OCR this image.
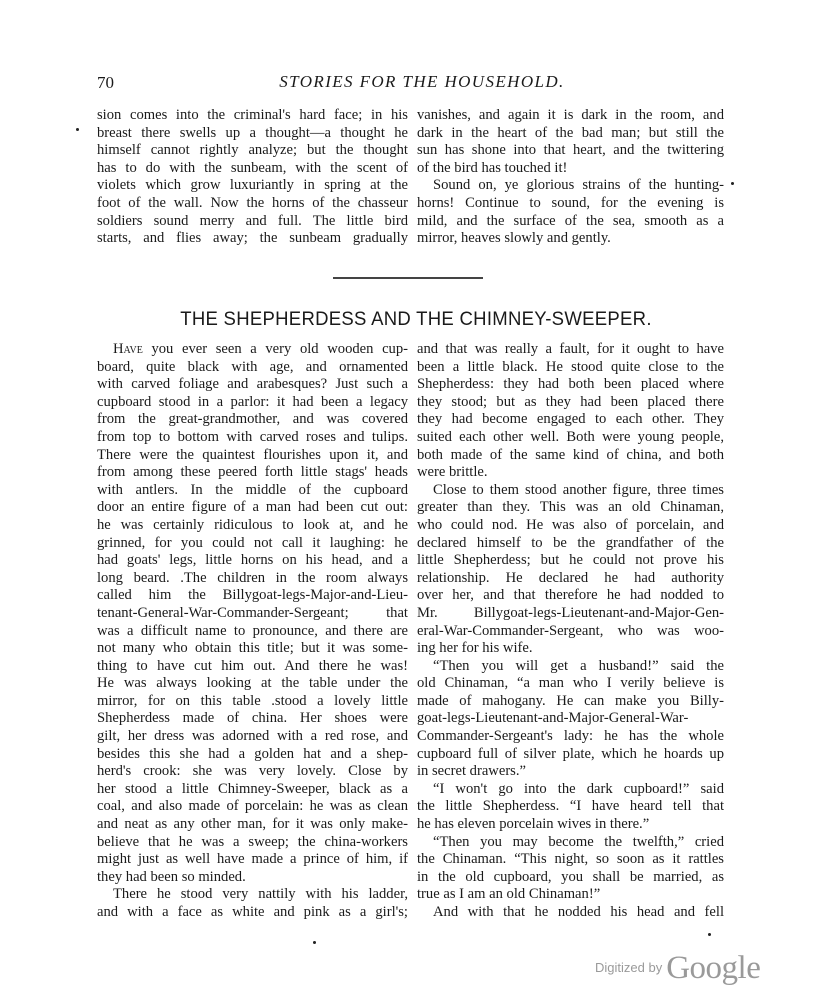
70	STORIES FOR THE HOUSEHOLD.
sion comes into the criminal's hard face; in his
breast there swells up a thought—a thought he
himself cannot rightly analyze; but the thought
has to do with the sunbeam, with the scent of
violets which grow luxuriantly in spring at the
foot of the wall. Now the horns of the chasseur
soldiers sound merry and full. The little bird
starts, and flies away; the sunbeam gradually
vanishes, and again it is dark in the room, and
dark in the heart of the bad man; but still the
sun has shone into that heart, and the twittering
of the bird has touched it!
Sound on, ye glorious strains of the hunting-
horns! Continue to sound, for the evening is
mild, and the surface of the sea, smooth as a
mirror, heaves slowly and gently.
THE SHEPHERDESS AND THE CHIMNEY-SWEEPER.
Have you ever seen a very old wooden cup-
board, quite black with age, and ornamented
with carved foliage and arabesques? Just such a
cupboard stood in a parlor: it had been a legacy
from the great-grandmother, and was covered
from top to bottom with carved roses and tulips.
There were the quaintest flourishes upon it, and
from among these peered forth little stags' heads
with antlers. In the middle of the cupboard
door an entire figure of a man had been cut out:
he was certainly ridiculous to look at, and he
grinned, for you could not call it laughing: he
had goats' legs, little horns on his head, and a
long beard. .The children in the room always
called him the Billygoat-legs-Major-and-Lieu-
tenant-General-War-Commander-Sergeant; that
was a difficult name to pronounce, and there are
not many who obtain this title; but it was some-
thing to have cut him out. And there he was!
He was always looking at the table under the
mirror, for on this table .stood a lovely little
Shepherdess made of china. Her shoes were
gilt, her dress was adorned with a red rose, and
besides this she had a golden hat and a shep-
herd's crook: she was very lovely. Close by
her stood a little Chimney-Sweeper, black as a
coal, and also made of porcelain: he was as clean
and neat as any other man, for it was only make-
believe that he was a sweep; the china-workers
might just as well have made a prince of him, if
they had been so minded.
There he stood very nattily with his ladder,
and with a face as white and pink as a girl's;
and that was really a fault, for it ought to have
been a little black. He stood quite close to the
Shepherdess: they had both been placed where
they stood; but as they had been placed there
they had become engaged to each other. They
suited each other well. Both were young people,
both made of the same kind of china, and both
were brittle.
Close to them stood another figure, three times
greater than they. This was an old Chinaman,
who could nod. He was also of porcelain, and
declared himself to be the grandfather of the
little Shepherdess; but he could not prove his
relationship. He declared he had authority
over her, and that therefore he had nodded to
Mr. Billygoat-legs-Lieutenant-and-Major-Gen-
eral-War-Commander-Sergeant, who was woo-
ing her for his wife.
“Then you will get a husband!” said the
old Chinaman, “a man who I verily believe is
made of mahogany. He can make you Billy-
goat-legs-Lieutenant-and-Major-General-War-
Commander-Sergeant's lady: he has the whole
cupboard full of silver plate, which he hoards up
in secret drawers.”
“I won't go into the dark cupboard!” said
the little Shepherdess. “I have heard tell that
he has eleven porcelain wives in there.”
“Then you may become the twelfth,” cried
the Chinaman. “This night, so soon as it rattles
in the old cupboard, you shall be married, as
true as I am an old Chinaman!”
And with that he nodded his head and fell
$^{Digitized by}$ Google
